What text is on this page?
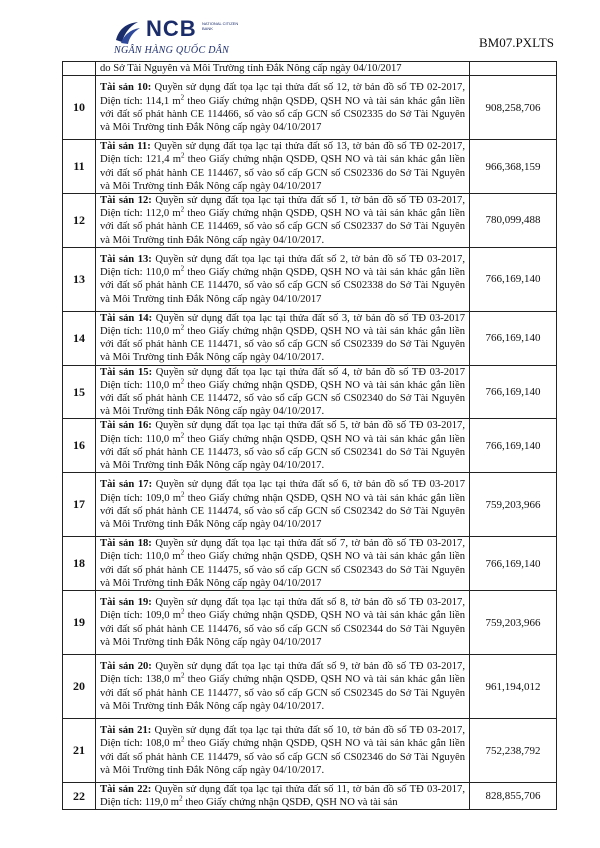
NCB NATIONAL CITIZEN BANK
NGÂN HÀNG QUỐC DÂN
BM07.PXLTS
	do Sở Tài Nguyên và Môi Trường tỉnh Đắk Nông cấp ngày 04/10/2017	
10	Tài sản 10: Quyền sử dụng đất tọa lạc tại thửa đất số 12, tờ bản đồ số TĐ 02-2017, Diện tích: 114,1 $m^2$ theo Giấy chứng nhận QSDĐ, QSH NO và tài sản khác gắn liền với đất số phát hành CE 114466, số vào sổ cấp GCN số CS02335 do Sở Tài Nguyên và Môi Trường tỉnh Đắk Nông cấp ngày 04/10/2017	908,258,706
11	Tài sản 11: Quyền sử dụng đất tọa lạc tại thửa đất số 13, tờ bản đồ số TĐ 02-2017, Diện tích: 121,4 $m^2$ theo Giấy chứng nhận QSDĐ, QSH NO và tài sản khác gắn liền với đất số phát hành CE 114467, số vào sổ cấp GCN số CS02336 do Sở Tài Nguyên và Môi Trường tỉnh Đắk Nông cấp ngày 04/10/2017	966,368,159
12	Tài sản 12: Quyền sử dụng đất tọa lạc tại thửa đất số 1, tờ bản đồ số TĐ 03-2017, Diện tích: 112,0 $m^2$ theo Giấy chứng nhận QSDĐ, QSH NO và tài sản khác gắn liền với đất số phát hành CE 114469, số vào sổ cấp GCN số CS02337 do Sở Tài Nguyên và Môi Trường tỉnh Đắk Nông cấp ngày 04/10/2017.	780,099,488
13	Tài sản 13: Quyền sử dụng đất tọa lạc tại thửa đất số 2, tờ bản đồ số TĐ 03-2017, Diện tích: 110,0 $m^2$ theo Giấy chứng nhận QSDĐ, QSH NO và tài sản khác gắn liền với đất số phát hành CE 114470, số vào sổ cấp GCN số CS02338 do Sở Tài Nguyên và Môi Trường tỉnh Đắk Nông cấp ngày 04/10/2017	766,169,140
14	Tài sản 14: Quyền sử dụng đất tọa lạc tại thửa đất số 3, tờ bản đồ số TĐ 03-2017 Diện tích: 110,0 $m^2$ theo Giấy chứng nhận QSDĐ, QSH NO và tài sản khác gắn liền với đất số phát hành CE 114471, số vào sổ cấp GCN số CS02339 do Sở Tài Nguyên và Môi Trường tỉnh Đắk Nông cấp ngày 04/10/2017.	766,169,140
15	Tài sản 15: Quyền sử dụng đất tọa lạc tại thửa đất số 4, tờ bản đồ số TĐ 03-2017 Diện tích: 110,0 $m^2$ theo Giấy chứng nhận QSDĐ, QSH NO và tài sản khác gắn liền với đất số phát hành CE 114472, số vào sổ cấp GCN số CS02340 do Sở Tài Nguyên và Môi Trường tỉnh Đắk Nông cấp ngày 04/10/2017.	766,169,140
16	Tài sản 16: Quyền sử dụng đất tọa lạc tại thửa đất số 5, tờ bản đồ số TĐ 03-2017, Diện tích: 110,0 $m^2$ theo Giấy chứng nhận QSDĐ, QSH NO và tài sản khác gắn liền với đất số phát hành CE 114473, số vào sổ cấp GCN số CS02341 do Sở Tài Nguyên và Môi Trường tỉnh Đắk Nông cấp ngày 04/10/2017.	766,169,140
17	Tài sản 17: Quyền sử dụng đất tọa lạc tại thửa đất số 6, tờ bản đồ số TĐ 03-2017 Diện tích: 109,0 $m^2$ theo Giấy chứng nhận QSDĐ, QSH NO và tài sản khác gắn liền với đất số phát hành CE 114474, số vào sổ cấp GCN số CS02342 do Sở Tài Nguyên và Môi Trường tỉnh Đắk Nông cấp ngày 04/10/2017	759,203,966
18	Tài sản 18: Quyền sử dụng đất tọa lạc tại thửa đất số 7, tờ bản đồ số TĐ 03-2017, Diện tích: 110,0 $m^2$ theo Giấy chứng nhận QSDĐ, QSH NO và tài sản khác gắn liền với đất số phát hành CE 114475, số vào sổ cấp GCN số CS02343 do Sở Tài Nguyên và Môi Trường tỉnh Đắk Nông cấp ngày 04/10/2017	766,169,140
19	Tài sản 19: Quyền sử dụng đất tọa lạc tại thửa đất số 8, tờ bản đồ số TĐ 03-2017, Diện tích: 109,0 $m^2$ theo Giấy chứng nhận QSDĐ, QSH NO và tài sản khác gắn liền với đất số phát hành CE 114476, số vào sổ cấp GCN số CS02344 do Sở Tài Nguyên và Môi Trường tỉnh Đắk Nông cấp ngày 04/10/2017	759,203,966
20	Tài sản 20: Quyền sử dụng đất tọa lạc tại thửa đất số 9, tờ bản đồ số TĐ 03-2017, Diện tích: 138,0 $m^2$ theo Giấy chứng nhận QSDĐ, QSH NO và tài sản khác gắn liền với đất số phát hành CE 114477, số vào sổ cấp GCN số CS02345 do Sở Tài Nguyên và Môi Trường tỉnh Đắk Nông cấp ngày 04/10/2017.	961,194,012
21	Tài sản 21: Quyền sử dụng đất tọa lạc tại thửa đất số 10, tờ bản đồ số TĐ 03-2017, Diện tích: 108,0 $m^2$ theo Giấy chứng nhận QSDĐ, QSH NO và tài sản khác gắn liền với đất số phát hành CE 114479, số vào sổ cấp GCN số CS02346 do Sở Tài Nguyên và Môi Trường tỉnh Đắk Nông cấp ngày 04/10/2017.	752,238,792
22	Tài sản 22: Quyền sử dụng đất tọa lạc tại thửa đất số 11, tờ bản đồ số TĐ 03-2017, Diện tích: 119,0 $m^2$ theo Giấy chứng nhận QSDĐ, QSH NO và tài sản	828,855,706
